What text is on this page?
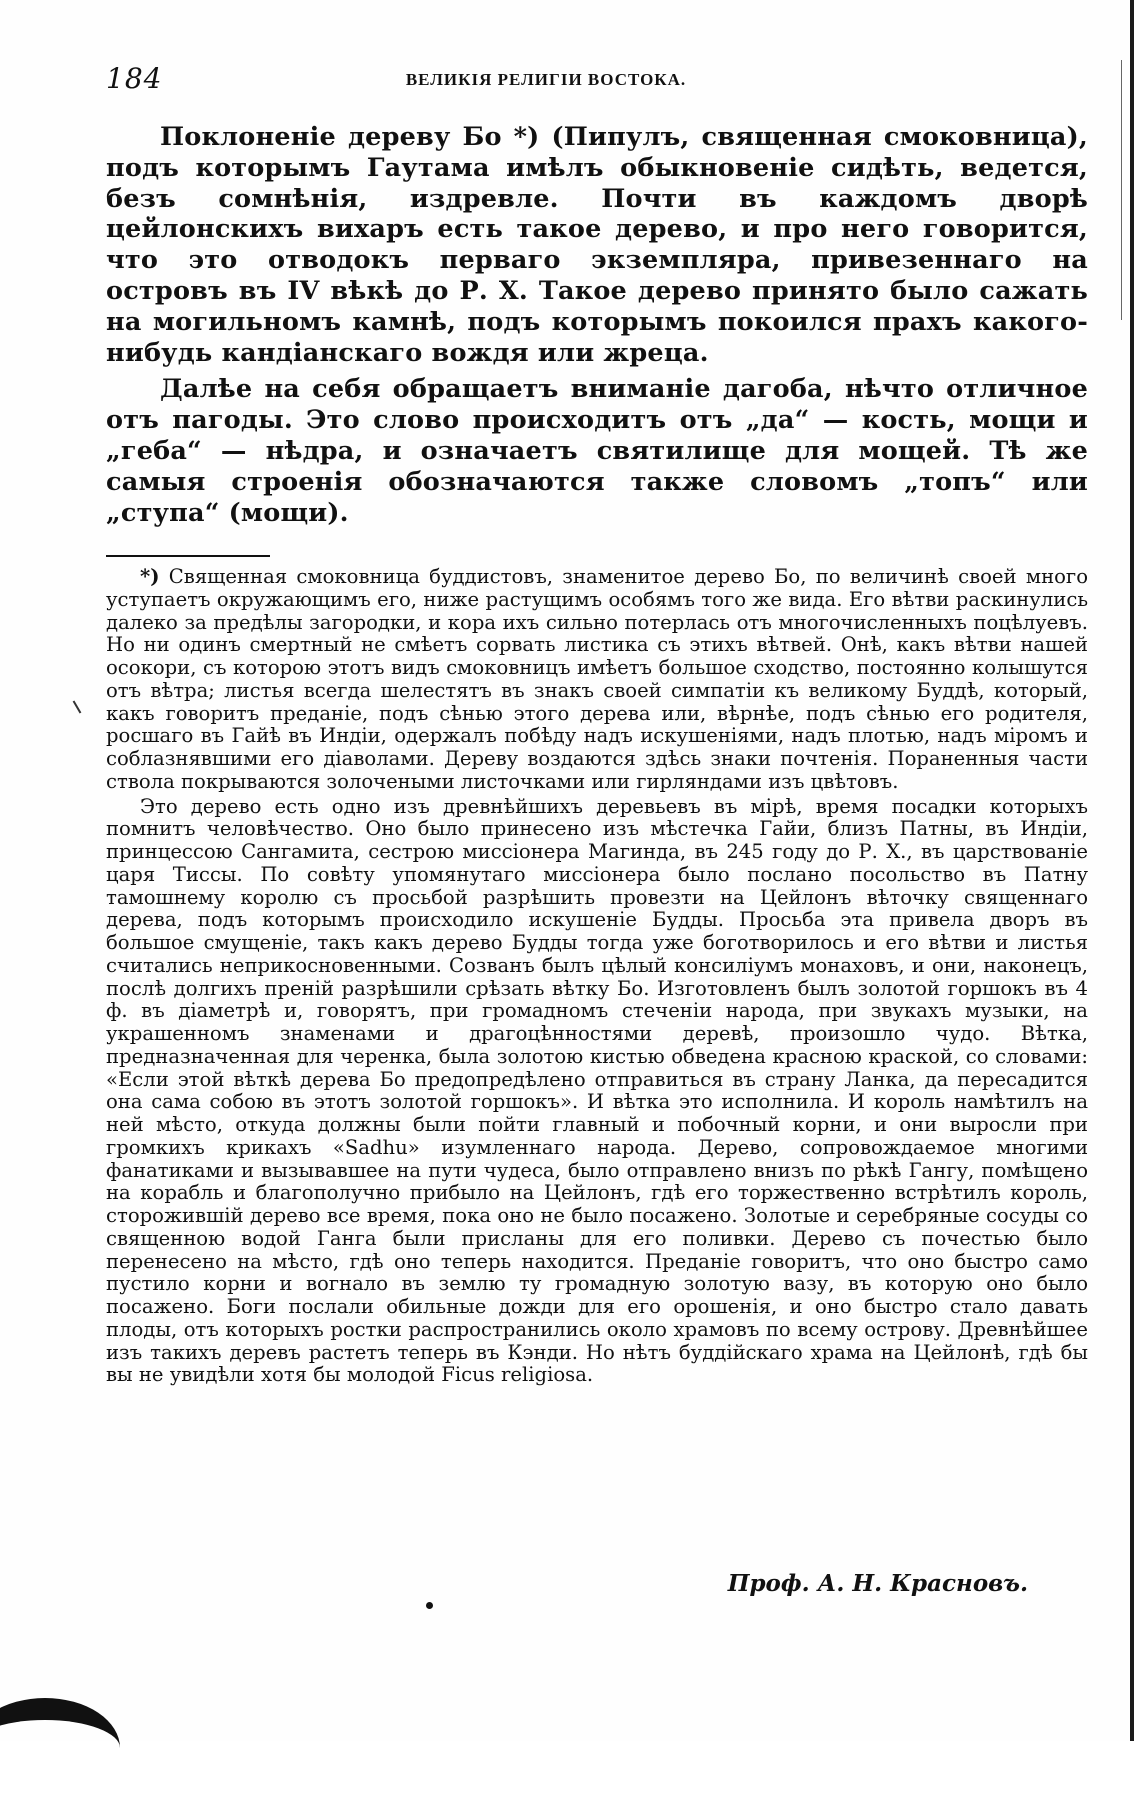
184	ВЕЛИКІЯ РЕЛИГІИ ВОСТОКА.

Поклоненіе дереву Бо *) (Пипулъ, священная смоковница), подъ которымъ Гаутама имѣлъ обыкновеніе сидѣть, ведется, безъ сомнѣнія, издревле. Почти въ каждомъ дворѣ цейлонскихъ вихаръ есть такое дерево, и про него говорится, что это отводокъ перваго экземпляра, привезеннаго на островъ въ IV вѣкѣ до Р. Х. Такое дерево принято было сажать на могильномъ камнѣ, подъ которымъ покоился прахъ какого-нибудь кандіанскаго вождя или жреца.

Далѣе на себя обращаетъ вниманіе дагоба, нѣчто отличное отъ пагоды. Это слово происходитъ отъ „да“ — кость, мощи и „геба“ — нѣдра, и означаетъ святилище для мощей. Тѣ же самыя строенія обозначаются также словомъ „топъ“ или „ступа“ (мощи).

*) Священная смоковница буддистовъ, знаменитое дерево Бо, по величинѣ своей много уступаетъ окружающимъ его, ниже растущимъ особямъ того же вида. Его вѣтви раскинулись далеко за предѣлы загородки, и кора ихъ сильно потерлась отъ многочисленныхъ поцѣлуевъ. Но ни одинъ смертный не смѣетъ сорвать листика съ этихъ вѣтвей. Онѣ, какъ вѣтви нашей осокори, съ которою этотъ видъ смоковницъ имѣетъ большое сходство, постоянно колышутся отъ вѣтра; листья всегда шелестятъ въ знакъ своей симпатіи къ великому Буддѣ, который, какъ говоритъ преданіе, подъ сѣнью этого дерева или, вѣрнѣе, подъ сѣнью его родителя, росшаго въ Гайѣ въ Индіи, одержалъ побѣду надъ искушеніями, надъ плотью, надъ міромъ и соблазнявшими его діаволами. Дереву воздаются здѣсь знаки почтенія. Пораненныя части ствола покрываются золочеными листочками или гирляндами изъ цвѣтовъ.

Это дерево есть одно изъ древнѣйшихъ деревьевъ въ мірѣ, время посадки которыхъ помнитъ человѣчество. Оно было принесено изъ мѣстечка Гайи, близъ Патны, въ Индіи, принцессою Сангамита, сестрою миссіонера Магинда, въ 245 году до Р. Х., въ царствованіе царя Тиссы. По совѣту упомянутаго миссіонера было послано посольство въ Патну тамошнему королю съ просьбой разрѣшить провезти на Цейлонъ вѣточку священнаго дерева, подъ которымъ происходило искушеніе Будды. Просьба эта привела дворъ въ большое смущеніе, такъ какъ дерево Будды тогда уже боготворилось и его вѣтви и листья считались неприкосновенными. Созванъ былъ цѣлый консиліумъ монаховъ, и они, наконецъ, послѣ долгихъ преній разрѣшили срѣзать вѣтку Бо. Изготовленъ былъ золотой горшокъ въ 4 ф. въ діаметрѣ и, говорятъ, при громадномъ стеченіи народа, при звукахъ музыки, на украшенномъ знаменами и драгоцѣнностями деревѣ, произошло чудо. Вѣтка, предназначенная для черенка, была золотою кистью обведена красною краской, со словами: «Если этой вѣткѣ дерева Бо предопредѣлено отправиться въ страну Ланка, да пересадится она сама собою въ этотъ золотой горшокъ». И вѣтка это исполнила. И король намѣтилъ на ней мѣсто, откуда должны были пойти главный и побочный корни, и они выросли при громкихъ крикахъ «Sadhu» изумленнаго народа. Дерево, сопровождаемое многими фанатиками и вызывавшее на пути чудеса, было отправлено внизъ по рѣкѣ Гангу, помѣщено на корабль и благополучно прибыло на Цейлонъ, гдѣ его торжественно встрѣтилъ король, сторожившій дерево все время, пока оно не было посажено. Золотые и серебряные сосуды со священною водой Ганга были присланы для его поливки. Дерево съ почестью было перенесено на мѣсто, гдѣ оно теперь находится. Преданіе говоритъ, что оно быстро само пустило корни и вогнало въ землю ту громадную золотую вазу, въ которую оно было посажено. Боги послали обильные дожди для его орошенія, и оно быстро стало давать плоды, отъ которыхъ ростки распространились около храмовъ по всему острову. Древнѣйшее изъ такихъ деревъ растетъ теперь въ Кэнди. Но нѣтъ буддійскаго храма на Цейлонѣ, гдѣ бы вы не увидѣли хотя бы молодой Ficus religiosa.

Проф. А. Н. Красновъ.
